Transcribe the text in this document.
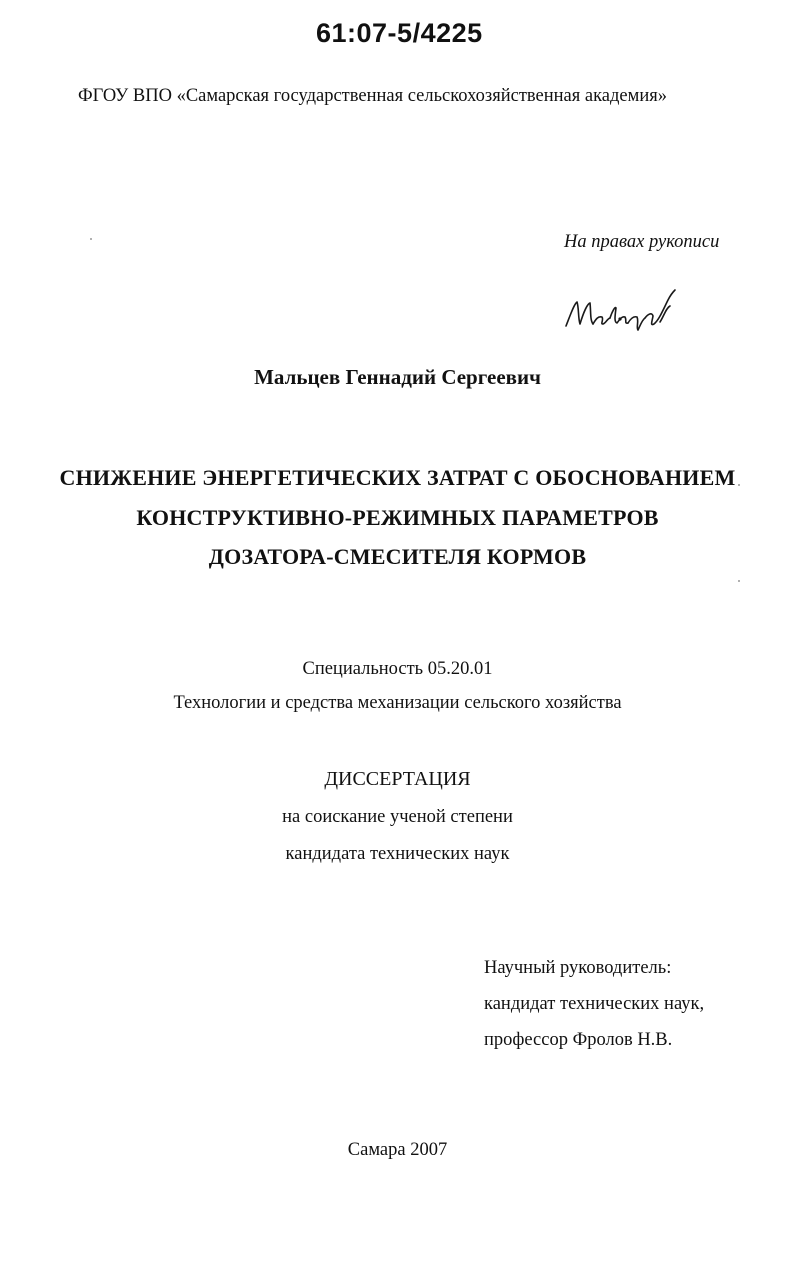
61:07-5/4225
ФГОУ ВПО «Самарская государственная сельскохозяйственная академия»
На правах рукописи
Мальцев Геннадий Сергеевич
СНИЖЕНИЕ ЭНЕРГЕТИЧЕСКИХ ЗАТРАТ С ОБОСНОВАНИЕМ
КОНСТРУКТИВНО-РЕЖИМНЫХ ПАРАМЕТРОВ
ДОЗАТОРА-СМЕСИТЕЛЯ КОРМОВ
Специальность 05.20.01
Технологии и средства механизации сельского хозяйства
ДИССЕРТАЦИЯ
на соискание ученой степени
кандидата технических наук
Научный руководитель:
кандидат технических наук,
профессор Фролов Н.В.
Самара 2007
